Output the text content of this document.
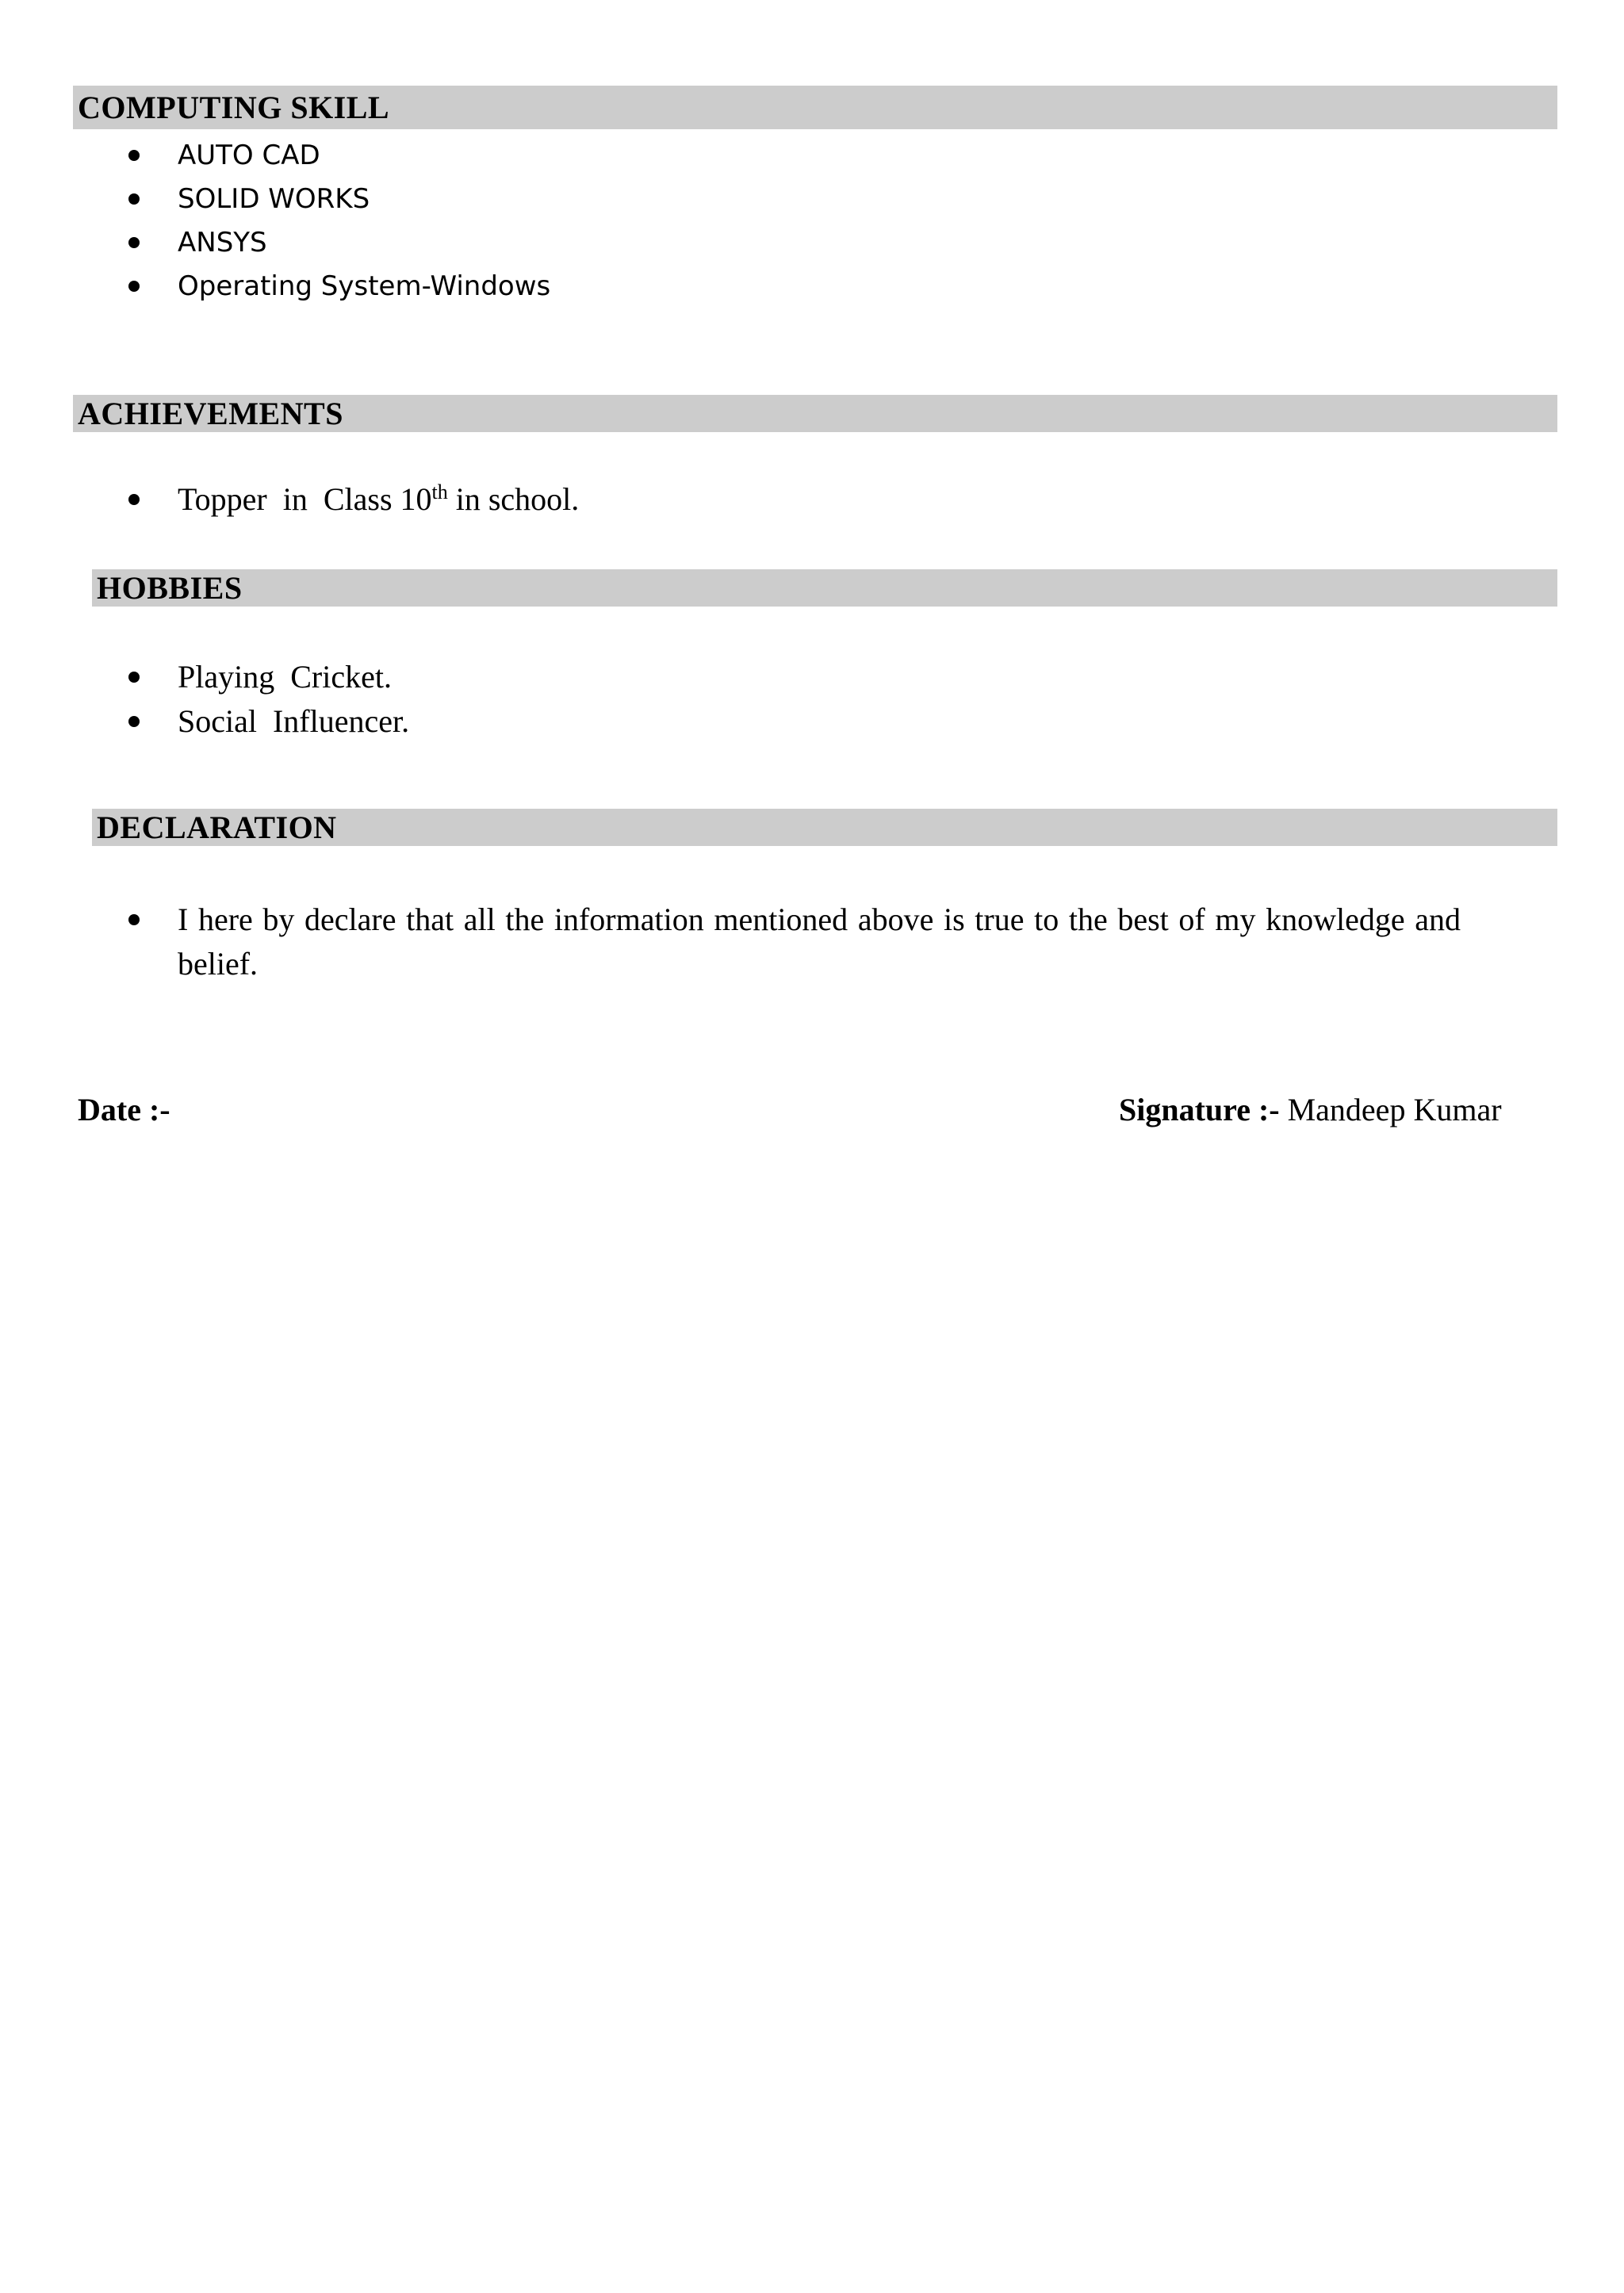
COMPUTING SKILL
AUTO CAD
SOLID WORKS
ANSYS
Operating System-Windows
ACHIEVEMENTS
Topper  in  Class 10th in school.
HOBBIES
Playing  Cricket.
Social  Influencer.
DECLARATION
I here by declare that all the information mentioned above is true to the best of my knowledge and belief.
Date :-	Signature :- Mandeep Kumar
